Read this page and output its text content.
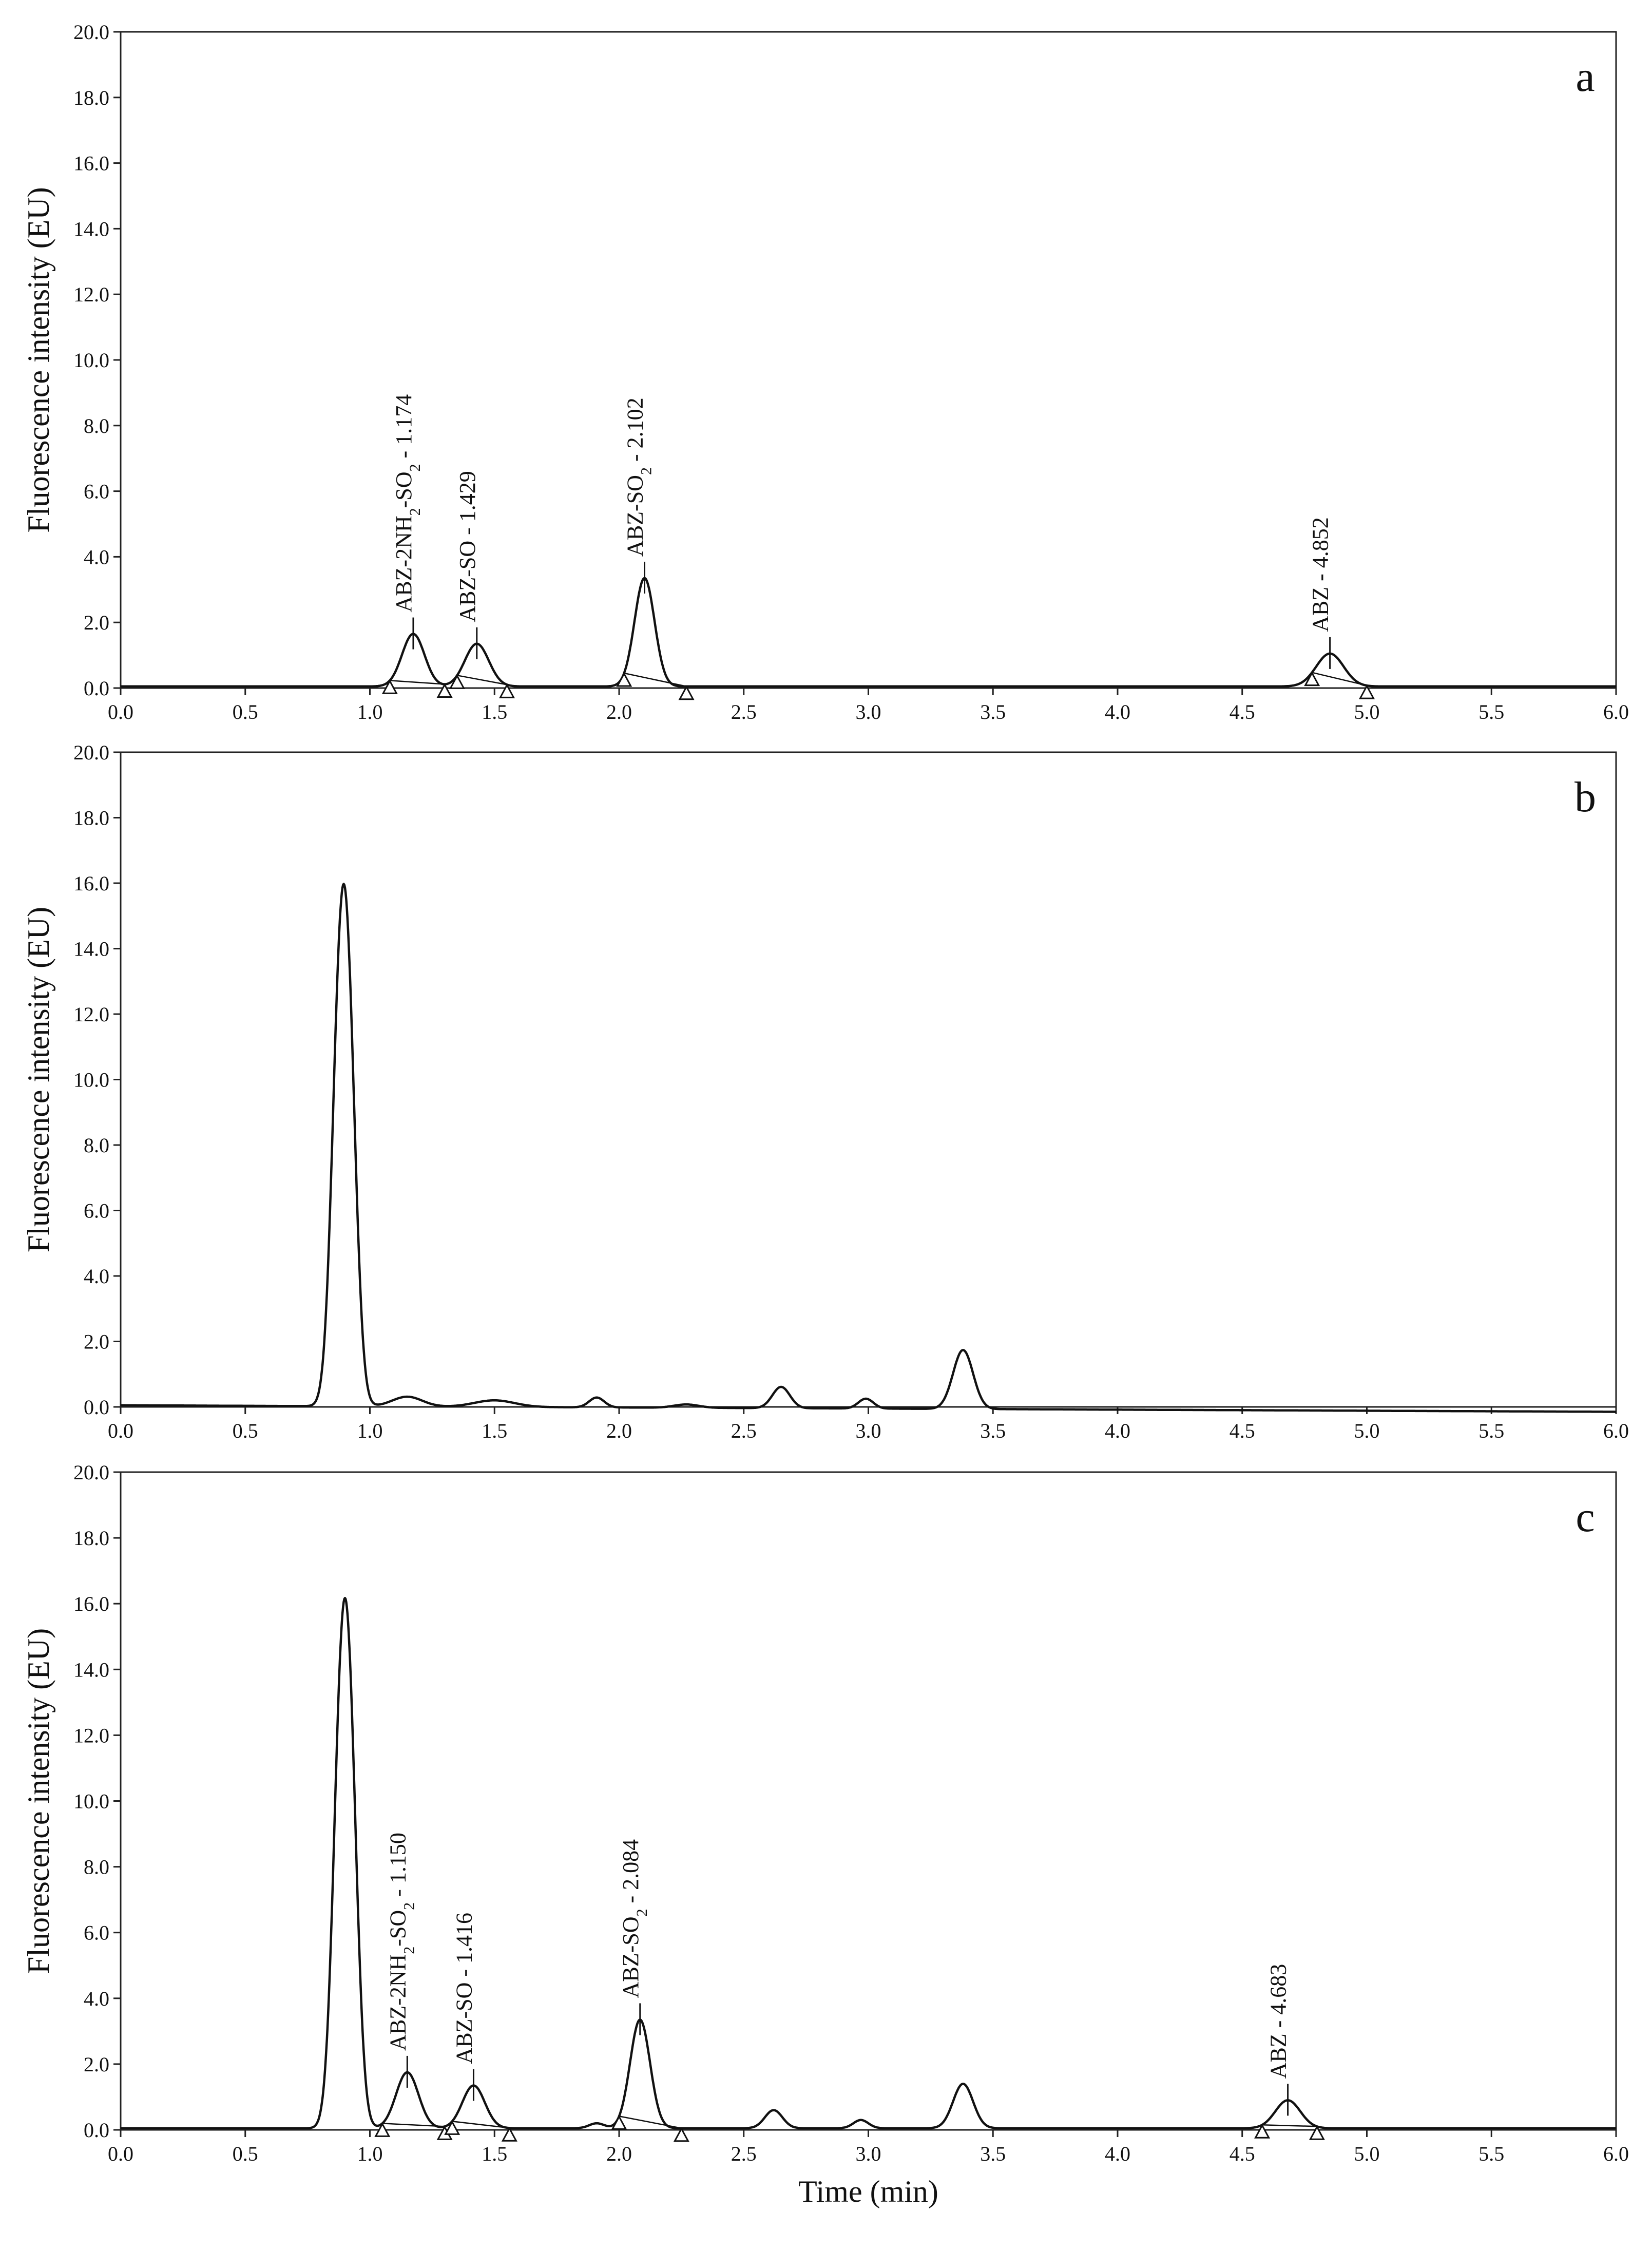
0.0	0.5	1.0	1.5	2.0	2.5	3.0	3.5	4.0	4.5	5.0	5.5	6.0
0.0
2.0
4.0
6.0
8.0
10.0
12.0
14.0
16.0
18.0
20.0
Fluorescence intensity (EU)
a
ABZ-$2NH_2-SO_2 - 1.174$
ABZ-SO - 1.429	ABZ-$SO_2 - 2.102$
ABZ - 4.852
0.0	0.5	1.0	1.5	2.0	2.5	3.0	3.5	4.0	4.5	5.0	5.5	6.0
0.0
2.0
4.0
6.0
8.0
10.0
12.0
14.0
16.0
18.0
20.0
Fluorescence intensity (EU)
b
0.0	0.5	1.0	1.5	2.0	2.5	3.0	3.5	4.0	4.5	5.0	5.5	6.0
0.0
2.0
4.0
6.0
8.0
10.0
12.0
14.0
16.0
18.0
20.0
Fluorescence intensity (EU)
c
Time (min)
ABZ-$2NH_2-SO_2 - 1.150$
ABZ-SO - 1.416	ABZ-$SO_2 - 2.084$
ABZ - 4.683
